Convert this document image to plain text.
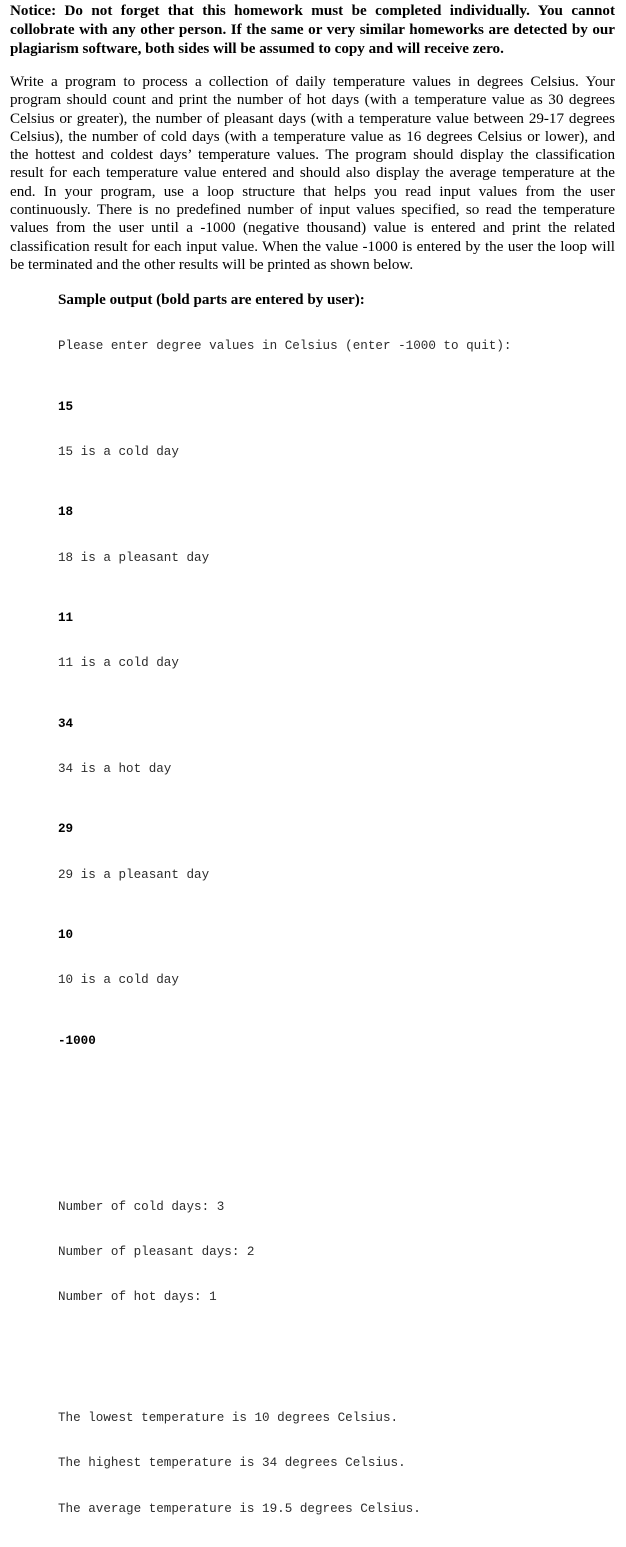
Notice: Do not forget that this homework must be completed individually. You cannot collobrate with any other person. If the same or very similar homeworks are detected by our plagiarism software, both sides will be assumed to copy and will receive zero.

Write a program to process a collection of daily temperature values in degrees Celsius. Your program should count and print the number of hot days (with a temperature value as 30 degrees Celsius or greater), the number of pleasant days (with a temperature value between 29-17 degrees Celsius), the number of cold days (with a temperature value as 16 degrees Celsius or lower), and the hottest and coldest days’ temperature values. The program should display the classification result for each temperature value entered and should also display the average temperature at the end. In your program, use a loop structure that helps you read input values from the user continuously. There is no predefined number of input values specified, so read the temperature values from the user until a -1000 (negative thousand) value is entered and print the related classification result for each input value. When the value -1000 is entered by the user the loop will be terminated and the other results will be printed as shown below.

Sample output (bold parts are entered by user):

Please enter degree values in Celsius (enter -1000 to quit):

15

15 is a cold day

18

18 is a pleasant day

11

11 is a cold day

34

34 is a hot day

29

29 is a pleasant day

10

10 is a cold day

-1000

Number of cold days: 3

Number of pleasant days: 2

Number of hot days: 1

The lowest temperature is 10 degrees Celsius.

The highest temperature is 34 degrees Celsius.

The average temperature is 19.5 degrees Celsius.
